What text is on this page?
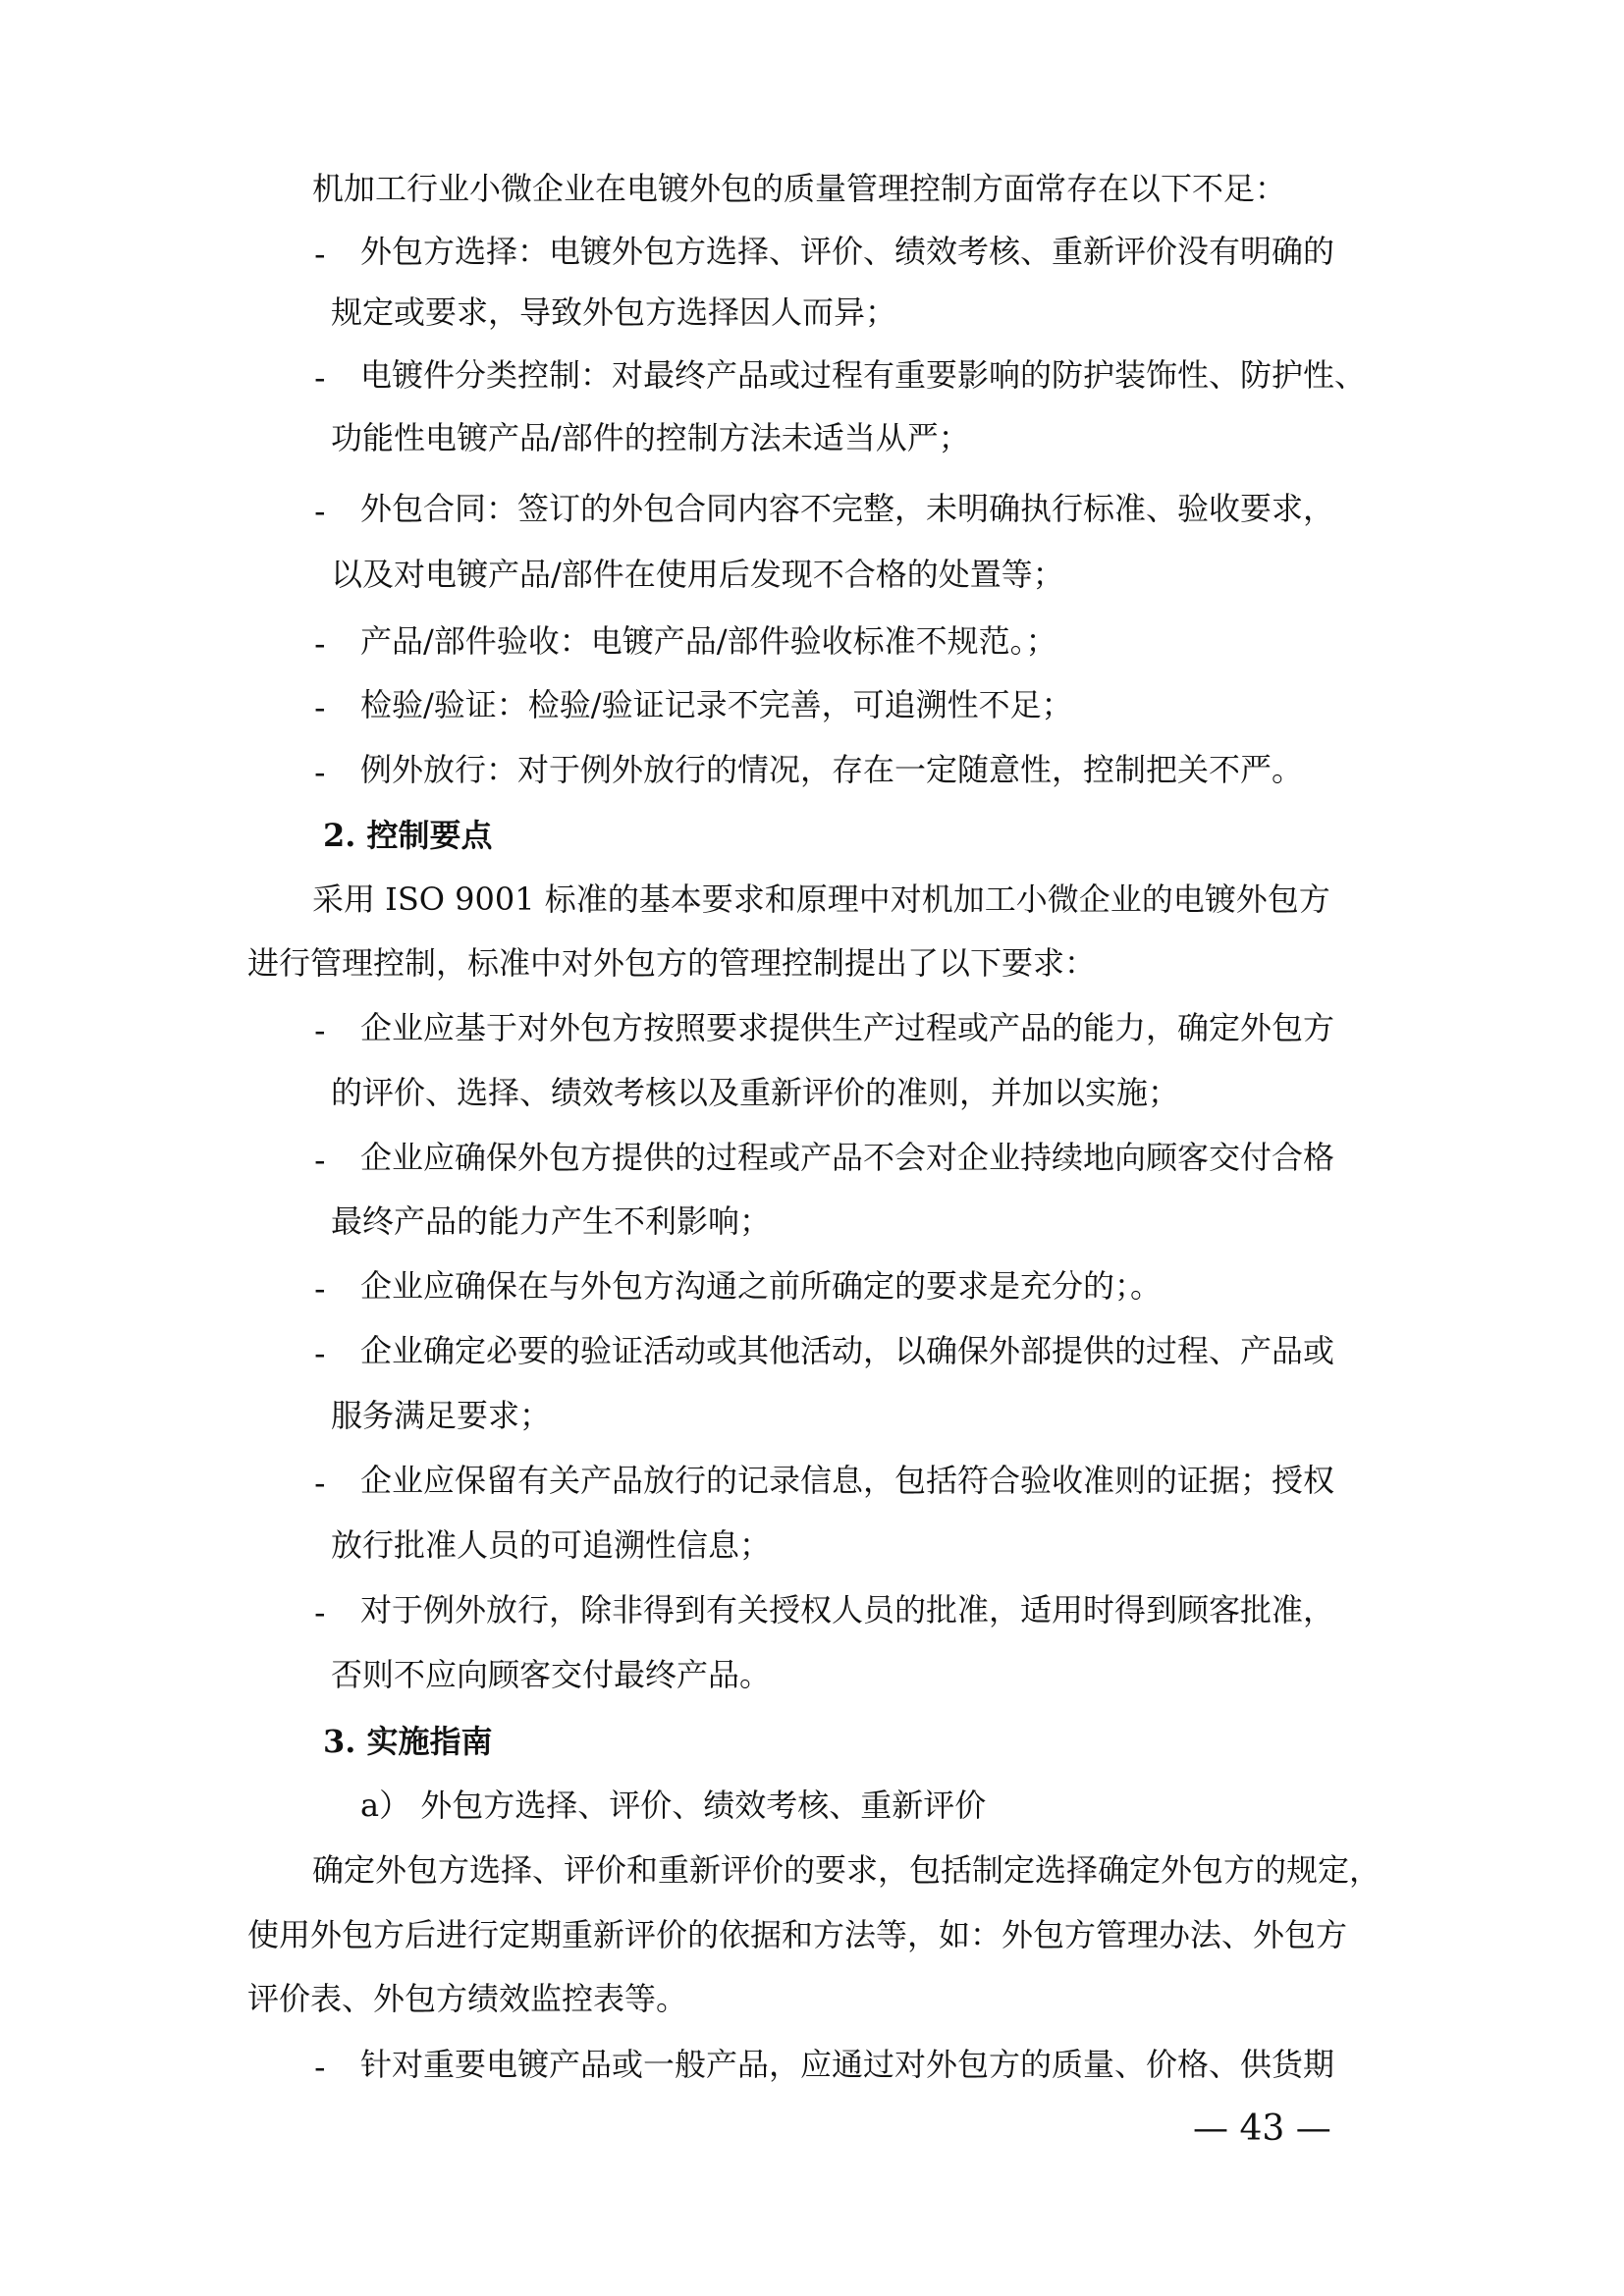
机加工行业小微企业在电镀外包的质量管理控制方面常存在以下不足：
- 外包方选择：电镀外包方选择、评价、绩效考核、重新评价没有明确的
规定或要求，导致外包方选择因人而异；
- 电镀件分类控制：对最终产品或过程有重要影响的防护装饰性、防护性、
功能性电镀产品/部件的控制方法未适当从严；
- 外包合同：签订的外包合同内容不完整，未明确执行标准、验收要求，
以及对电镀产品/部件在使用后发现不合格的处置等；
- 产品/部件验收：电镀产品/部件验收标准不规范。；
- 检验/验证：检验/验证记录不完善，可追溯性不足；
- 例外放行：对于例外放行的情况，存在一定随意性，控制把关不严。
2. 控制要点
采用 ISO 9001 标准的基本要求和原理中对机加工小微企业的电镀外包方
进行管理控制，标准中对外包方的管理控制提出了以下要求：
- 企业应基于对外包方按照要求提供生产过程或产品的能力，确定外包方
的评价、选择、绩效考核以及重新评价的准则，并加以实施；
- 企业应确保外包方提供的过程或产品不会对企业持续地向顾客交付合格
最终产品的能力产生不利影响；
- 企业应确保在与外包方沟通之前所确定的要求是充分的；。
- 企业确定必要的验证活动或其他活动，以确保外部提供的过程、产品或
服务满足要求；
- 企业应保留有关产品放行的记录信息，包括符合验收准则的证据；授权
放行批准人员的可追溯性信息；
- 对于例外放行，除非得到有关授权人员的批准，适用时得到顾客批准，
否则不应向顾客交付最终产品。
3. 实施指南
a） 外包方选择、评价、绩效考核、重新评价
确定外包方选择、评价和重新评价的要求，包括制定选择确定外包方的规定，
使用外包方后进行定期重新评价的依据和方法等，如：外包方管理办法、外包方
评价表、外包方绩效监控表等。
- 针对重要电镀产品或一般产品，应通过对外包方的质量、价格、供货期
— 43 —
